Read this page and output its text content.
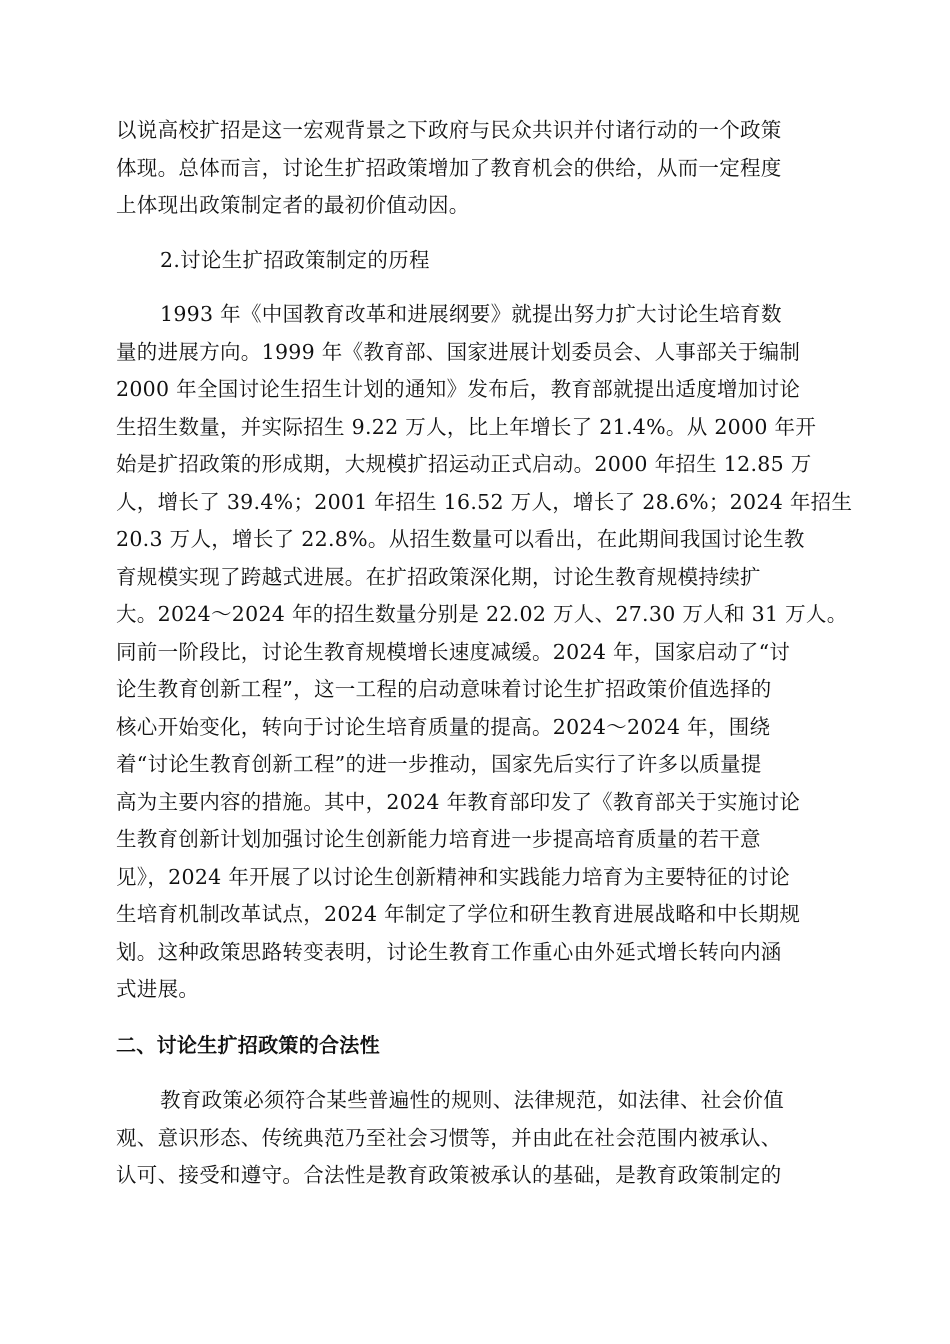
以说高校扩招是这一宏观背景之下政府与民众共识并付诸行动的一个政策
体现。总体而言，讨论生扩招政策增加了教育机会的供给，从而一定程度
上体现出政策制定者的最初价值动因。
2.讨论生扩招政策制定的历程
1993 年《中国教育改革和进展纲要》就提出努力扩大讨论生培育数
量的进展方向。1999 年《教育部、国家进展计划委员会、人事部关于编制
2000 年全国讨论生招生计划的通知》发布后，教育部就提出适度增加讨论
生招生数量，并实际招生 9.22 万人，比上年增长了 21.4%。从 2000 年开
始是扩招政策的形成期，大规模扩招运动正式启动。2000 年招生 12.85 万
人，增长了 39.4%；2001 年招生 16.52 万人，增长了 28.6%；2024 年招生
20.3 万人，增长了 22.8%。从招生数量可以看出，在此期间我国讨论生教
育规模实现了跨越式进展。在扩招政策深化期，讨论生教育规模持续扩
大。2024～2024 年的招生数量分别是 22.02 万人、27.30 万人和 31 万人。
同前一阶段比，讨论生教育规模增长速度减缓。2024 年，国家启动了“讨
论生教育创新工程”，这一工程的启动意味着讨论生扩招政策价值选择的
核心开始变化，转向于讨论生培育质量的提高。2024～2024 年，围绕
着“讨论生教育创新工程”的进一步推动，国家先后实行了许多以质量提
高为主要内容的措施。其中，2024 年教育部印发了《教育部关于实施讨论
生教育创新计划加强讨论生创新能力培育进一步提高培育质量的若干意
见》，2024 年开展了以讨论生创新精神和实践能力培育为主要特征的讨论
生培育机制改革试点，2024 年制定了学位和研生教育进展战略和中长期规
划。这种政策思路转变表明，讨论生教育工作重心由外延式增长转向内涵
式进展。
二、讨论生扩招政策的合法性
教育政策必须符合某些普遍性的规则、法律规范，如法律、社会价值
观、意识形态、传统典范乃至社会习惯等，并由此在社会范围内被承认、
认可、接受和遵守。合法性是教育政策被承认的基础，是教育政策制定的
